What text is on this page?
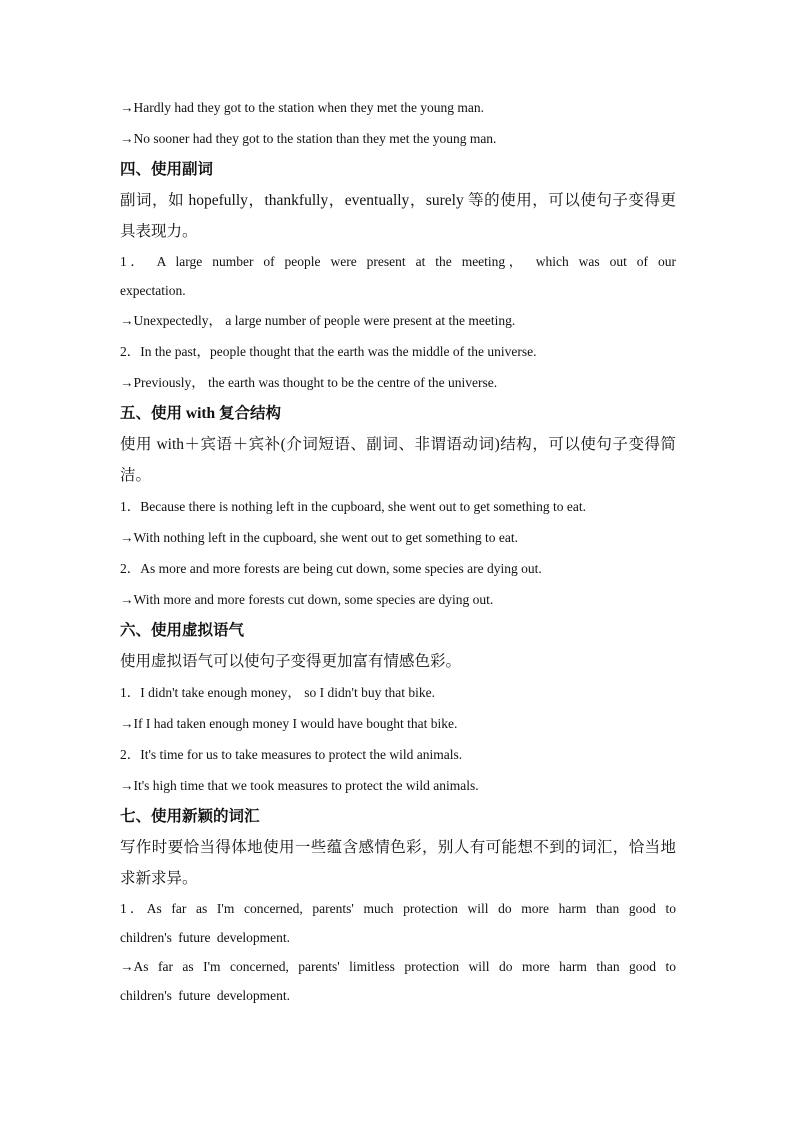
→Hardly had they got to the station when they met the young man.
→No sooner had they got to the station than they met the young man.
四、使用副词
副词，如 hopefully，thankfully，eventually，surely 等的使用，可以使句子变得更具表现力。
1． A large number of people were present at the meeting， which was out of our expectation.
→Unexpectedly， a large number of people were present at the meeting.
2．In the past，people thought that the earth was the middle of the universe.
→Previously， the earth was thought to be the centre of the universe.
五、使用 with 复合结构
使用 with＋宾语＋宾补(介词短语、副词、非谓语动词)结构，可以使句子变得简洁。
1．Because there is nothing left in the cupboard, she went out to get something to eat.
→With nothing left in the cupboard, she went out to get something to eat.
2．As more and more forests are being cut down, some species are dying out.
→With more and more forests cut down, some species are dying out.
六、使用虚拟语气
使用虚拟语气可以使句子变得更加富有情感色彩。
1．I didn't take enough money， so I didn't buy that bike.
→If I had taken enough money I would have bought that bike.
2．It's time for us to take measures to protect the wild animals.
→It's high time that we took measures to protect the wild animals.
七、使用新颖的词汇
写作时要恰当得体地使用一些蕴含感情色彩，别人有可能想不到的词汇，恰当地求新求异。
1．As far as I'm concerned, parents' much protection will do more harm than good to children's future development.
→As far as I'm concerned, parents' limitless protection will do more harm than good to children's future development.
